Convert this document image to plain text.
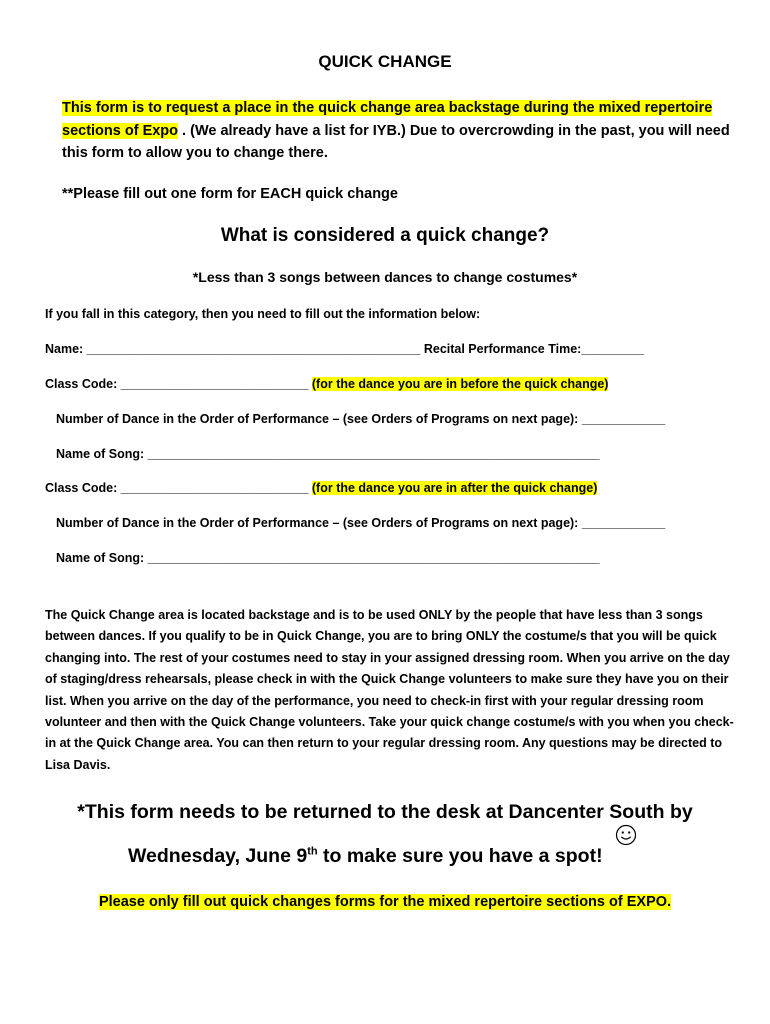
QUICK CHANGE
This form is to request a place in the quick change area backstage during the mixed repertoire sections of Expo . (We already have a list for IYB.) Due to overcrowding in the past, you will need this form to allow you to change there.
**Please fill out one form for EACH quick change
What is considered a quick change?
*Less than 3 songs between dances to change costumes*
If you fall in this category, then you need to fill out the information below:
Name: ________________________________________________ Recital Performance Time:_________
Class Code: ___________________________ (for the dance you are in before the quick change)
Number of Dance in the Order of Performance – (see Orders of Programs on next page): ____________
Name of Song: _________________________________________________________________
Class Code: ___________________________ (for the dance you are in after the quick change)
Number of Dance in the Order of Performance – (see Orders of Programs on next page): ____________
Name of Song: _________________________________________________________________
The Quick Change area is located backstage and is to be used ONLY by the people that have less than 3 songs between dances. If you qualify to be in Quick Change, you are to bring ONLY the costume/s that you will be quick changing into. The rest of your costumes need to stay in your assigned dressing room. When you arrive on the day of staging/dress rehearsals, please check in with the Quick Change volunteers to make sure they have you on their list. When you arrive on the day of the performance, you need to check-in first with your regular dressing room volunteer and then with the Quick Change volunteers. Take your quick change costume/s with you when you check-in at the Quick Change area. You can then return to your regular dressing room. Any questions may be directed to Lisa Davis.
*This form needs to be returned to the desk at Dancenter South by
Wednesday, June 9th to make sure you have a spot!
Please only fill out quick changes forms for the mixed repertoire sections of EXPO.
